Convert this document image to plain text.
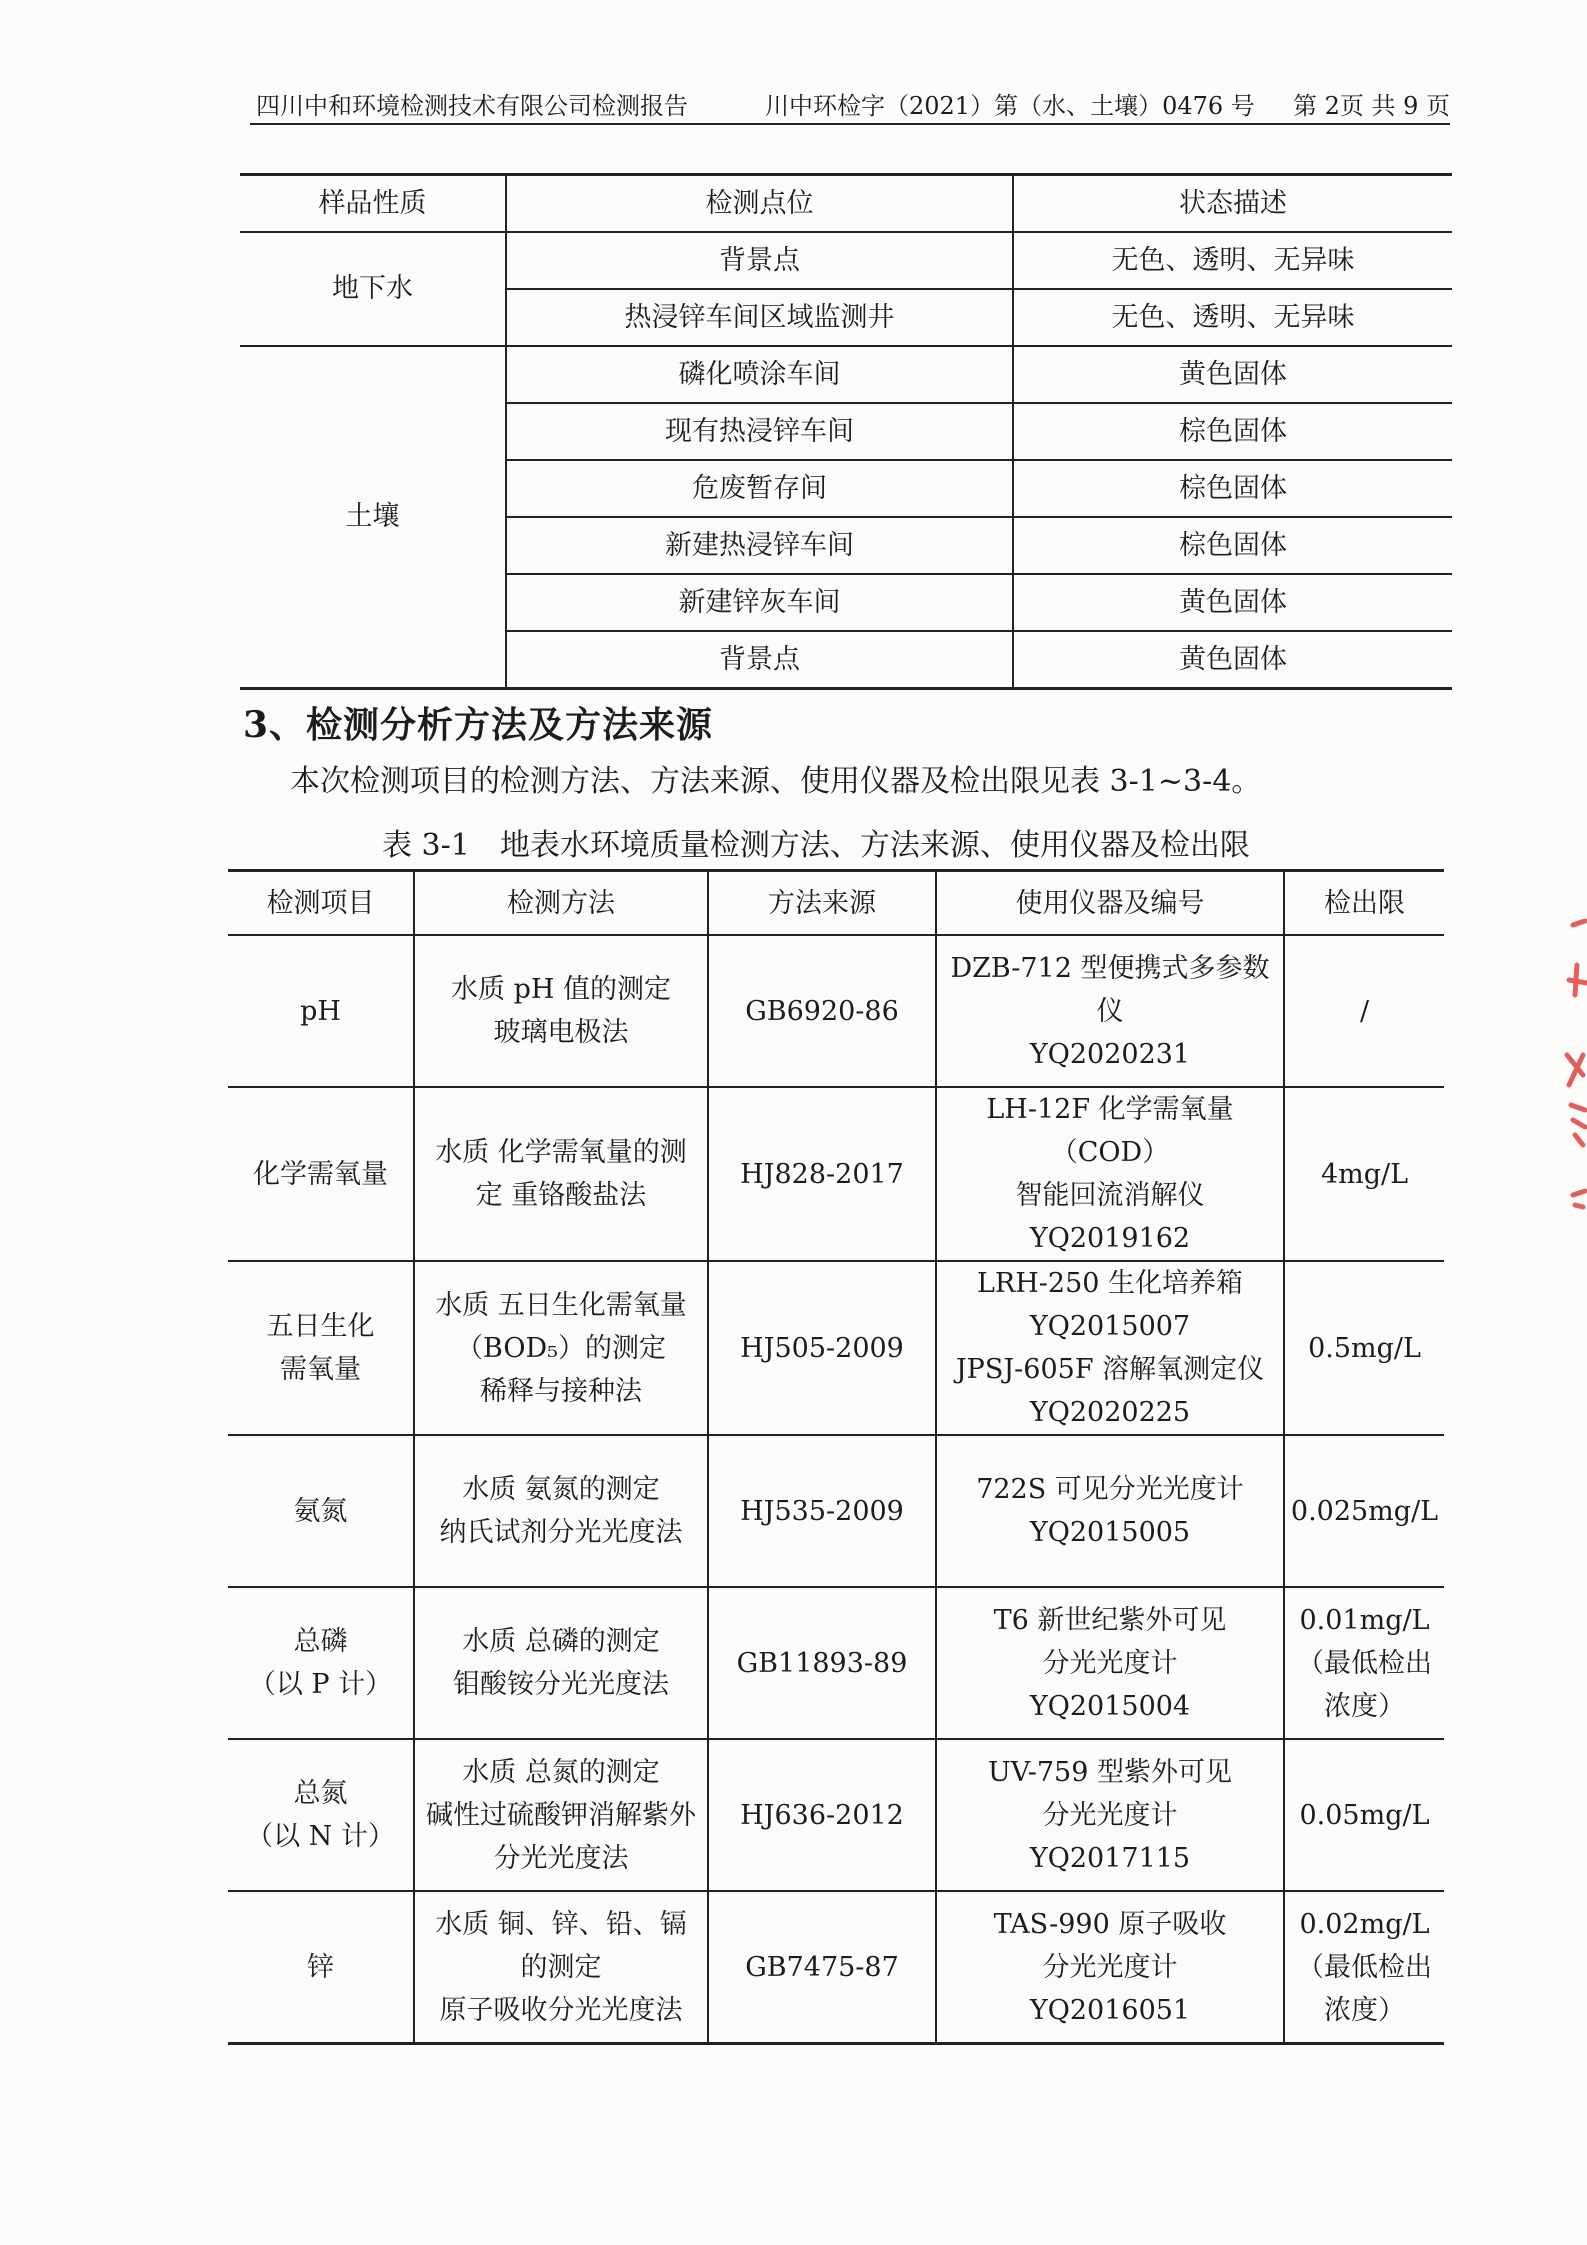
四川中和环境检测技术有限公司检测报告	川中环检字（2021）第（水、土壤）0476 号 第 2页 共 9 页
样品性质	检测点位	状态描述
地下水	背景点	无色、透明、无异味
	热浸锌车间区域监测井	无色、透明、无异味
土壤	磷化喷涂车间	黄色固体
	现有热浸锌车间	棕色固体
	危废暂存间	棕色固体
	新建热浸锌车间	棕色固体
	新建锌灰车间	黄色固体
	背景点	黄色固体
3、检测分析方法及方法来源
本次检测项目的检测方法、方法来源、使用仪器及检出限见表 3-1~3-4。
表 3-1 地表水环境质量检测方法、方法来源、使用仪器及检出限
检测项目	检测方法	方法来源	使用仪器及编号	检出限

pH	水质 pH 值的测定
玻璃电极法	GB6920-86	DZB-712 型便携式多参数仪
YQ2020231	/

化学需氧量	水质 化学需氧量的测
定 重铬酸盐法	HJ828-2017	LH-12F 化学需氧量（COD）
智能回流消解仪 YQ2019162	4mg/L

五日生化
需氧量	水质 五日生化需氧量
（BOD₅）的测定
稀释与接种法	HJ505-2009	LRH-250 生化培养箱
YQ2015007
JPSJ-605F 溶解氧测定仪
YQ2020225	0.5mg/L

氨氮	水质 氨氮的测定
纳氏试剂分光光度法	HJ535-2009	722S 可见分光光度计
YQ2015005	0.025mg/L

总磷
（以 P 计）	水质 总磷的测定
钼酸铵分光光度法	GB11893-89	T6 新世纪紫外可见
分光光度计
YQ2015004	0.01mg/L
（最低检出
浓度）

总氮
（以 N 计）	水质 总氮的测定
碱性过硫酸钾消解紫外
分光光度法	HJ636-2012	UV-759 型紫外可见
分光光度计
YQ2017115	0.05mg/L

锌	水质 铜、锌、铅、镉
的测定
原子吸收分光光度法	GB7475-87	TAS-990 原子吸收
分光光度计
YQ2016051	0.02mg/L
（最低检出
浓度）
